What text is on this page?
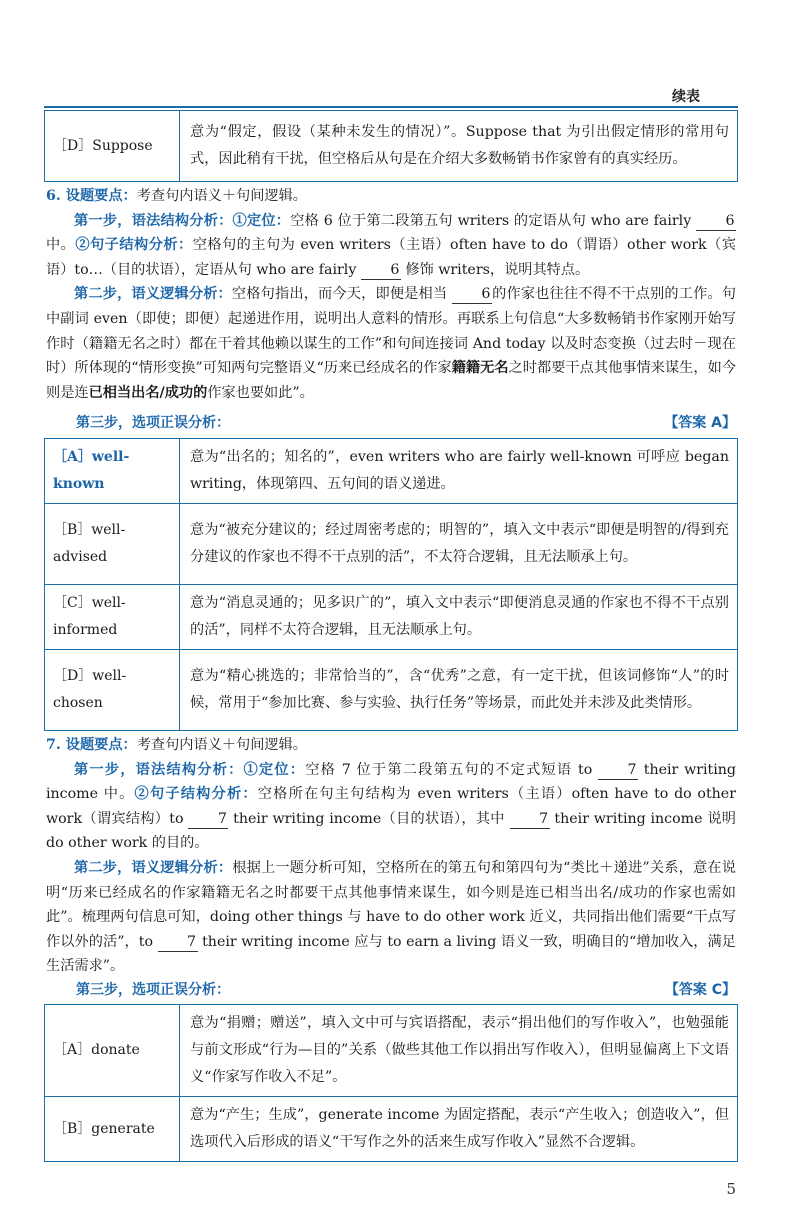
续表
［D］Suppose	意为“假定，假设（某种未发生的情况）”。Suppose that 为引出假定情形的常用句式，因此稍有干扰，但空格后从句是在介绍大多数畅销书作家曾有的真实经历。

6. 设题要点：考查句内语义＋句间逻辑。

第一步，语法结构分析：①定位：空格 6 位于第二段第五句 writers 的定语从句 who are fairly 6中。②句子结构分析：空格句的主句为 even writers（主语）often have to do（谓语）other work（宾语）to…（目的状语），定语从句 who are fairly 6 修饰 writers，说明其特点。

第二步，语义逻辑分析：空格句指出，而今天，即便是相当 6的作家也往往不得不干点别的工作。句中副词 even（即使；即便）起递进作用，说明出人意料的情形。再联系上句信息“大多数畅销书作家刚开始写作时（籍籍无名之时）都在干着其他赖以谋生的工作”和句间连接词 And today 以及时态变换（过去时－现在时）所体现的“情形变换”可知两句完整语义“历来已经成名的作家籍籍无名之时都要干点其他事情来谋生，如今则是连已相当出名/成功的作家也要如此”。

第三步，选项正误分析：	【答案 A】
［A］well-known	意为“出名的；知名的”，even writers who are fairly well-known 可呼应 began writing，体现第四、五句间的语义递进。
［B］well-advised	意为“被充分建议的；经过周密考虑的；明智的”，填入文中表示“即便是明智的/得到充分建议的作家也不得不干点别的活”，不太符合逻辑，且无法顺承上句。
［C］well-informed	意为“消息灵通的；见多识广的”，填入文中表示“即便消息灵通的作家也不得不干点别的活”，同样不太符合逻辑，且无法顺承上句。
［D］well-chosen	意为“精心挑选的；非常恰当的”，含“优秀”之意，有一定干扰，但该词修饰“人”的时候，常用于“参加比赛、参与实验、执行任务”等场景，而此处并未涉及此类情形。

7. 设题要点：考查句内语义＋句间逻辑。

第一步，语法结构分析：①定位：空格 7 位于第二段第五句的不定式短语 to 7 their writing income 中。②句子结构分析：空格所在句主句结构为 even writers（主语）often have to do other work（谓宾结构）to 7 their writing income（目的状语），其中 7 their writing income 说明 do other work 的目的。

第二步，语义逻辑分析：根据上一题分析可知，空格所在的第五句和第四句为“类比＋递进”关系，意在说明“历来已经成名的作家籍籍无名之时都要干点其他事情来谋生，如今则是连已相当出名/成功的作家也需如此”。梳理两句信息可知，doing other things 与 have to do other work 近义，共同指出他们需要“干点写作以外的活”，to 7 their writing income 应与 to earn a living 语义一致，明确目的“增加收入，满足生活需求”。

第三步，选项正误分析：	【答案 C】
［A］donate	意为“捐赠；赠送”，填入文中可与宾语搭配，表示“捐出他们的写作收入”，也勉强能与前文形成“行为—目的”关系（做些其他工作以捐出写作收入），但明显偏离上下文语义“作家写作收入不足”。
［B］generate	意为“产生；生成”，generate income 为固定搭配，表示“产生收入；创造收入”，但选项代入后形成的语义“干写作之外的活来生成写作收入”显然不合逻辑。
5
